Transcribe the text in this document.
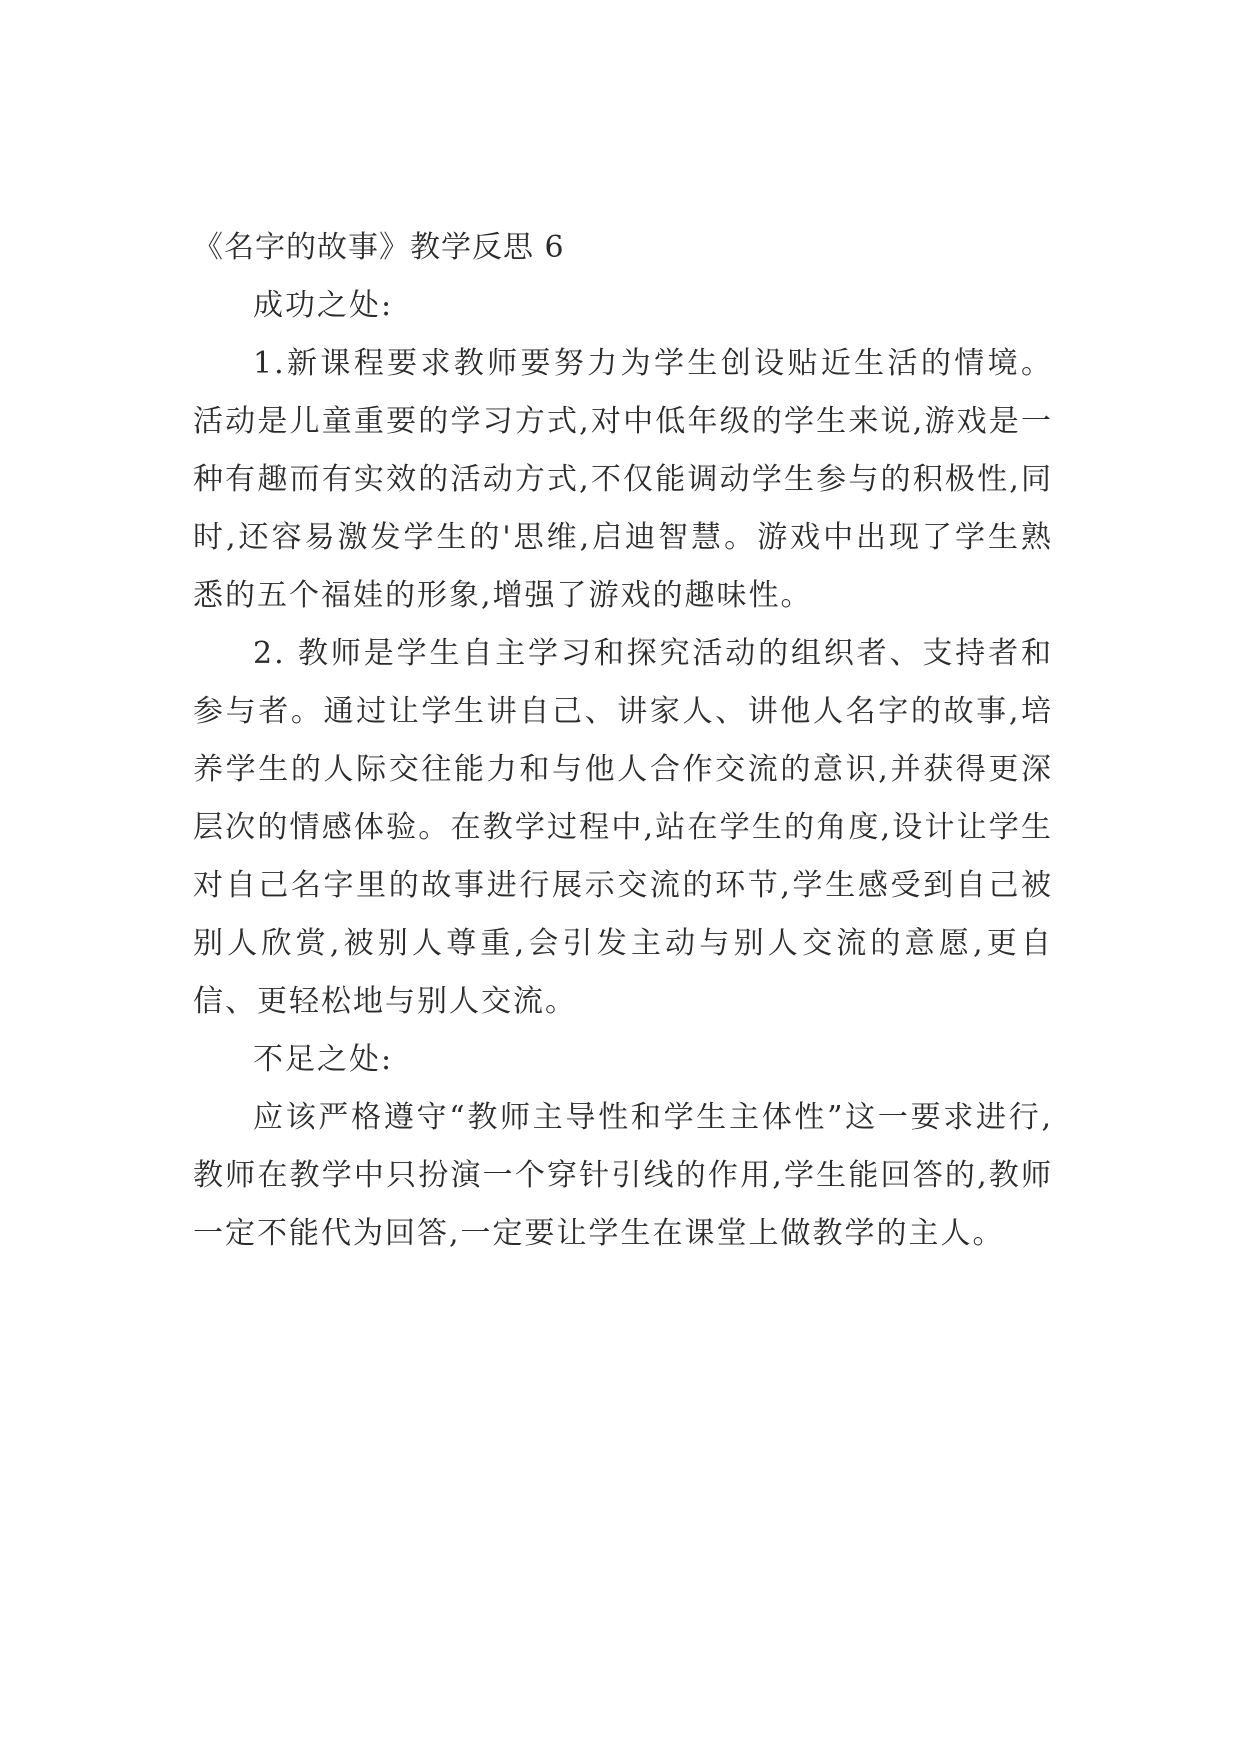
《名字的故事》教学反思 6

成功之处:

1.新课程要求教师要努力为学生创设贴近生活的情境。活动是儿童重要的学习方式,对中低年级的学生来说,游戏是一种有趣而有实效的活动方式,不仅能调动学生参与的积极性,同时,还容易激发学生的'思维,启迪智慧。游戏中出现了学生熟悉的五个福娃的形象,增强了游戏的趣味性。

2. 教师是学生自主学习和探究活动的组织者、支持者和参与者。通过让学生讲自己、讲家人、讲他人名字的故事,培养学生的人际交往能力和与他人合作交流的意识,并获得更深层次的情感体验。在教学过程中,站在学生的角度,设计让学生对自己名字里的故事进行展示交流的环节,学生感受到自己被别人欣赏,被别人尊重,会引发主动与别人交流的意愿,更自信、更轻松地与别人交流。

不足之处:

应该严格遵守“教师主导性和学生主体性”这一要求进行,教师在教学中只扮演一个穿针引线的作用,学生能回答的,教师一定不能代为回答,一定要让学生在课堂上做教学的主人。
